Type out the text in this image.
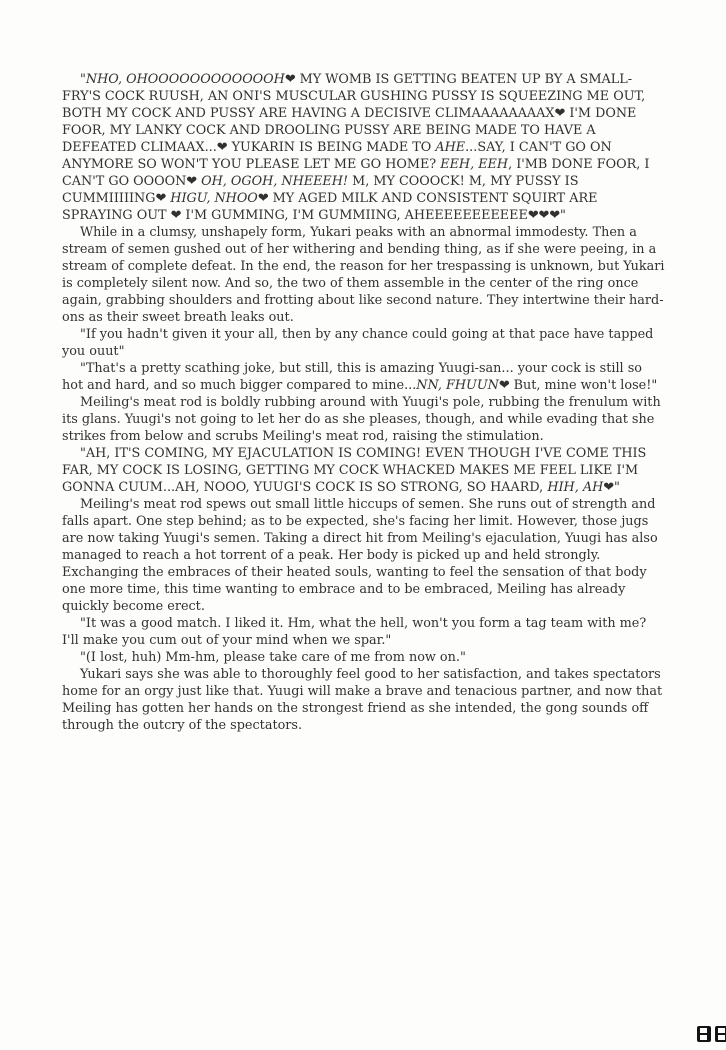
"NHO, OHOOOOOOOOOOOOH❤ MY WOMB IS GETTING BEATEN UP BY A SMALL-FRY'S COCK RUUSH, AN ONI'S MUSCULAR GUSHING PUSSY IS SQUEEZING ME OUT, BOTH MY COCK AND PUSSY ARE HAVING A DECISIVE CLIMAAAAAAAAX❤ I'M DONE FOOR, MY LANKY COCK AND DROOLING PUSSY ARE BEING MADE TO HAVE A DEFEATED CLIMAAX...❤ YUKARIN IS BEING MADE TO AHE...SAY, I CAN'T GO ON ANYMORE SO WON'T YOU PLEASE LET ME GO HOME? EEH, EEH, I'MB DONE FOOR, I CAN'T GO OOOON❤ OH, OGOH, NHEEEH! M, MY COOOCK! M, MY PUSSY IS CUMMIIIIING❤ HIGU, NHOO❤ MY AGED MILK AND CONSISTENT SQUIRT ARE SPRAYING OUT ❤ I'M GUMMING, I'M GUMMIING, AHEEEEEEEEEEE❤❤❤"

While in a clumsy, unshapely form, Yukari peaks with an abnormal immodesty. Then a stream of semen gushed out of her withering and bending thing, as if she were peeing, in a stream of complete defeat. In the end, the reason for her trespassing is unknown, but Yukari is completely silent now. And so, the two of them assemble in the center of the ring once again, grabbing shoulders and frotting about like second nature. They intertwine their hard-ons as their sweet breath leaks out.

"If you hadn't given it your all, then by any chance could going at that pace have tapped you ouut"

"That's a pretty scathing joke, but still, this is amazing Yuugi-san... your cock is still so hot and hard, and so much bigger compared to mine...NN, FHUUN❤ But, mine won't lose!"

Meiling's meat rod is boldly rubbing around with Yuugi's pole, rubbing the frenulum with its glans. Yuugi's not going to let her do as she pleases, though, and while evading that she strikes from below and scrubs Meiling's meat rod, raising the stimulation.

"AH, IT'S COMING, MY EJACULATION IS COMING! EVEN THOUGH I'VE COME THIS FAR, MY COCK IS LOSING, GETTING MY COCK WHACKED MAKES ME FEEL LIKE I'M GONNA CUUM...AH, NOOO, YUUGI'S COCK IS SO STRONG, SO HAARD, HIH, AH❤"

Meiling's meat rod spews out small little hiccups of semen. She runs out of strength and falls apart. One step behind; as to be expected, she's facing her limit. However, those jugs are now taking Yuugi's semen. Taking a direct hit from Meiling's ejaculation, Yuugi has also managed to reach a hot torrent of a peak. Her body is picked up and held strongly. Exchanging the embraces of their heated souls, wanting to feel the sensation of that body one more time, this time wanting to embrace and to be embraced, Meiling has already quickly become erect.

"It was a good match. I liked it. Hm, what the hell, won't you form a tag team with me? I'll make you cum out of your mind when we spar."

"(I lost, huh) Mm-hm, please take care of me from now on."

Yukari says she was able to thoroughly feel good to her satisfaction, and takes spectators home for an orgy just like that. Yuugi will make a brave and tenacious partner, and now that Meiling has gotten her hands on the strongest friend as she intended, the gong sounds off through the outcry of the spectators.
